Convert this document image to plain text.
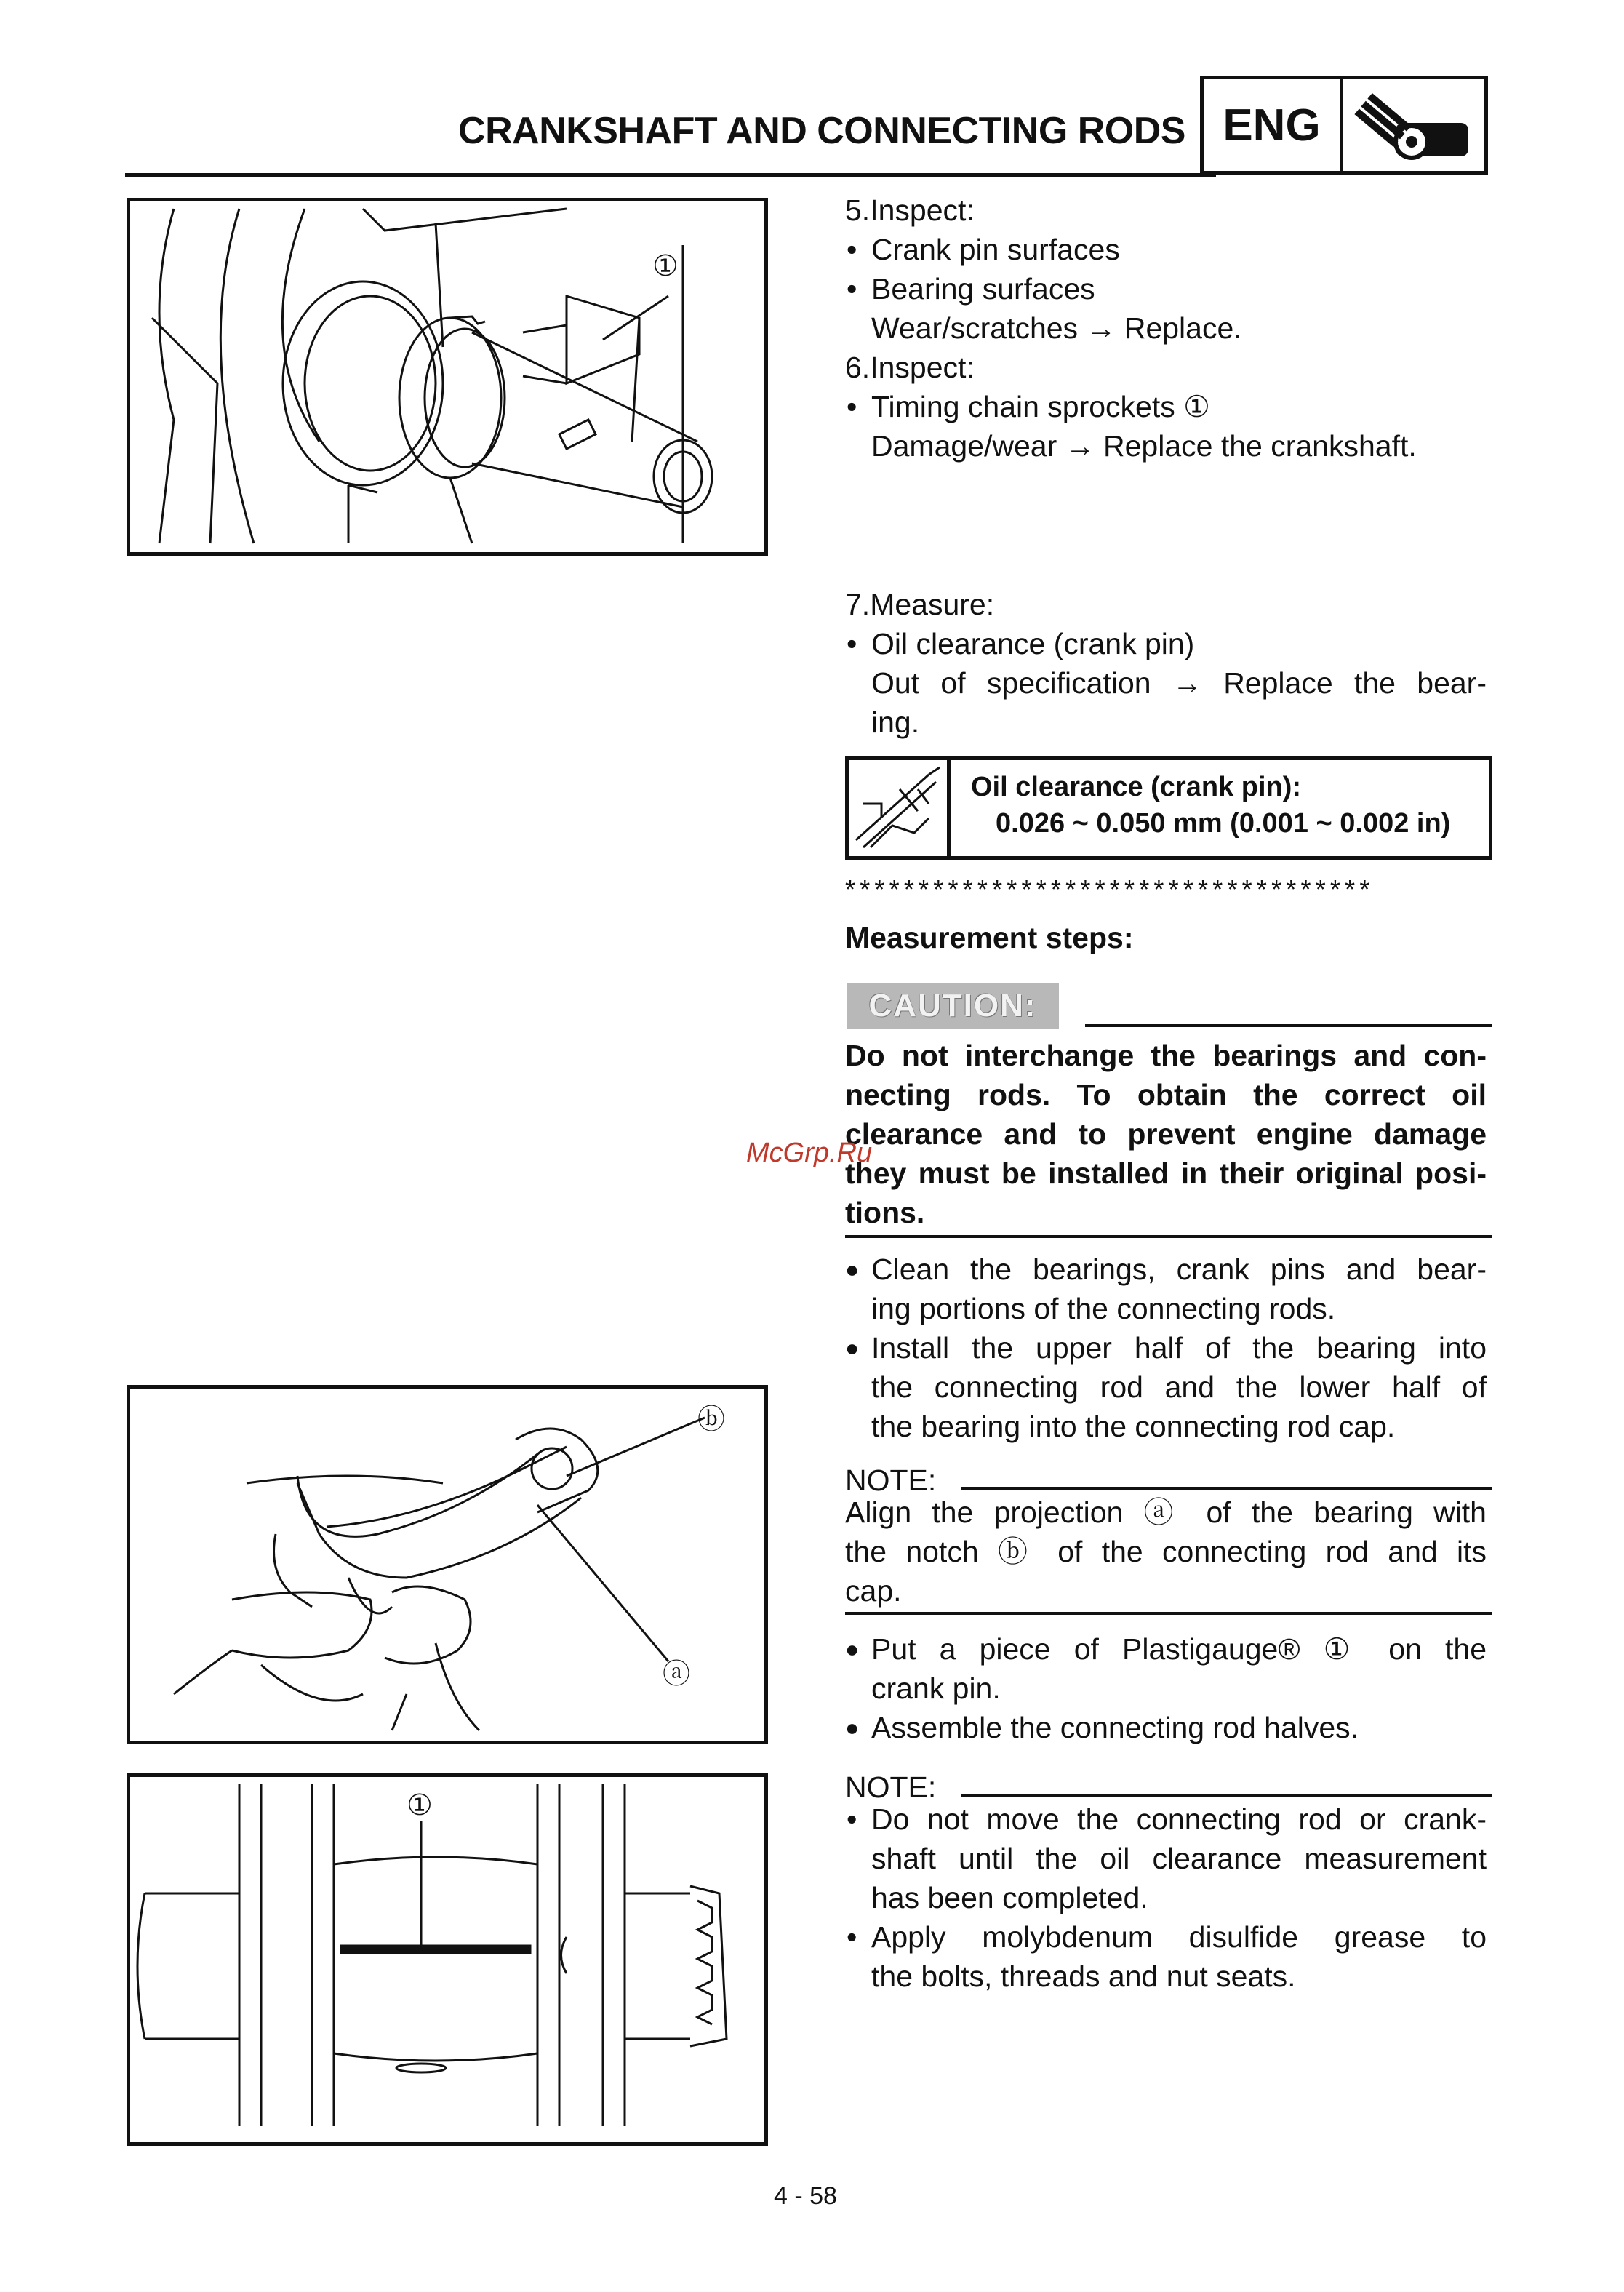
CRANKSHAFT AND CONNECTING RODS ENG
①
ⓑ
ⓐ
①
5.Inspect:
• Crank pin surfaces
• Bearing surfaces
Wear/scratches → Replace.
6.Inspect:
• Timing chain sprockets ①
Damage/wear → Replace the crankshaft.
7.Measure:
• Oil clearance (crank pin)
Out of specification → Replace the bear-
ing.
Oil clearance (crank pin):
0.026 ~ 0.050 mm (0.001 ~ 0.002 in)
************************************
Measurement steps:
CAUTION:
Do not interchange the bearings and con-
necting rods. To obtain the correct oil
clearance and to prevent engine damage
they must be installed in their original posi-
tions.
● Clean the bearings, crank pins and bear-
ing portions of the connecting rods.
● Install the upper half of the bearing into
the connecting rod and the lower half of
the bearing into the connecting rod cap.
NOTE:
Align the projection ⓐ of the bearing with
the notch ⓑ of the connecting rod and its
cap.
● Put a piece of Plastigauge® ① on the
crank pin.
● Assemble the connecting rod halves.
NOTE:
• Do not move the connecting rod or crank-
shaft until the oil clearance measurement
has been completed.
• Apply molybdenum disulfide grease to
the bolts, threads and nut seats.
McGrp.Ru
4 - 58
